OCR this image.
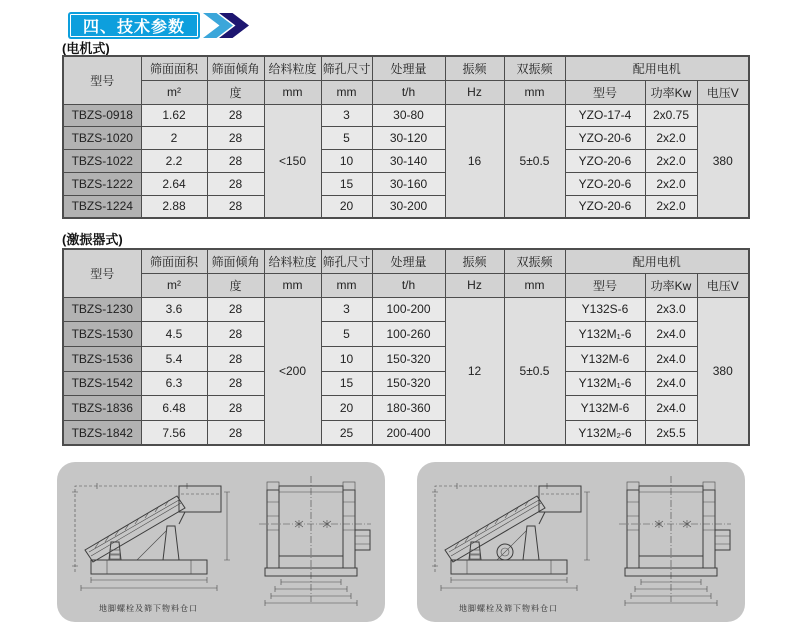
四、技术参数
(电机式)
型号	筛面面积	筛面倾角	给料粒度	筛孔尺寸	处理量	振频	双振频	配用电机		
	m²	度	mm	mm	t/h	Hz	mm	型号	功率Kw	电压V
TBZS-0918	1.62	28	<150	3	30-80	16	5±0.5	YZO-17-4	2x0.75	380
TBZS-1020	2	28		5	30-120			YZO-20-6	2x2.0	
TBZS-1022	2.2	28		10	30-140			YZO-20-6	2x2.0	
TBZS-1222	2.64	28		15	30-160			YZO-20-6	2x2.0	
TBZS-1224	2.88	28		20	30-200			YZO-20-6	2x2.0	
(激振器式)
型号	筛面面积	筛面倾角	给料粒度	筛孔尺寸	处理量	振频	双振频	配用电机		
	m²	度	mm	mm	t/h	Hz	mm	型号	功率Kw	电压V
TBZS-1230	3.6	28	<200	3	100-200	12	5±0.5	Y132S-6	2x3.0	380
TBZS-1530	4.5	28		5	100-260			Y132M₁-6	2x4.0	
TBZS-1536	5.4	28		10	150-320			Y132M-6	2x4.0	
TBZS-1542	6.3	28		15	150-320			Y132M₁-6	2x4.0	
TBZS-1836	6.48	28		20	180-360			Y132M-6	2x4.0	
TBZS-1842	7.56	28		25	200-400			Y132M₂-6	2x5.5	
地脚螺栓及筛下物料仓口	地脚螺栓及筛下物料仓口
